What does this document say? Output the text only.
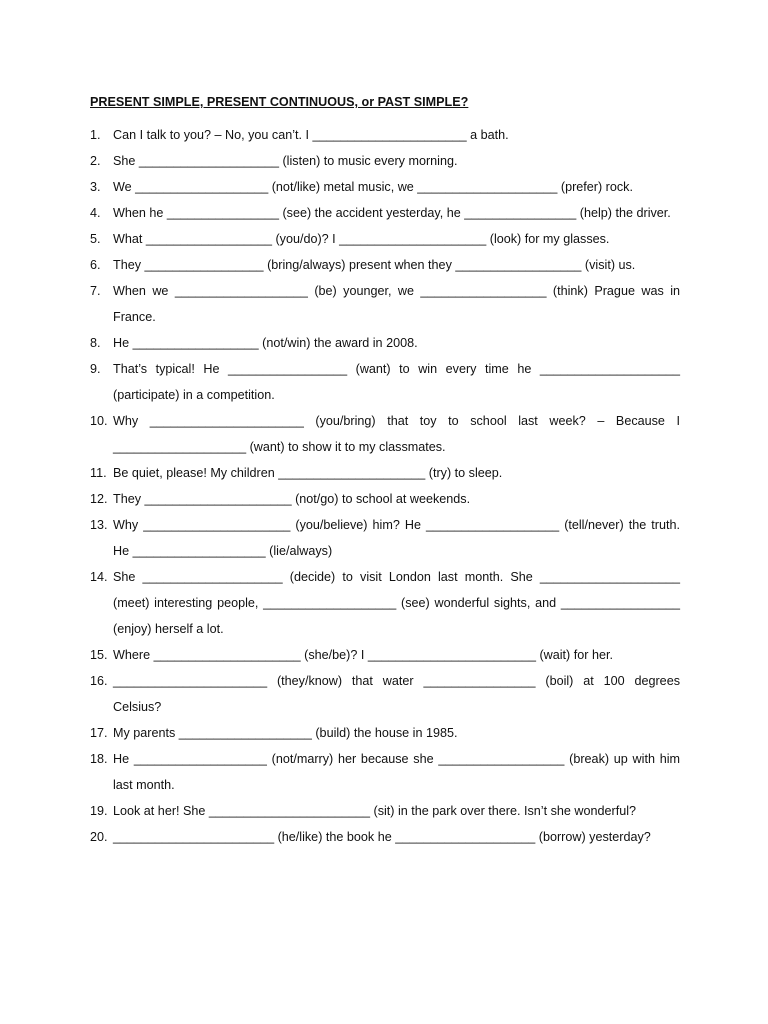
PRESENT SIMPLE, PRESENT CONTINUOUS, or PAST SIMPLE?
1. Can I talk to you? – No, you can’t. I ______________________ a bath.
2. She ____________________ (listen) to music every morning.
3. We ___________________ (not/like) metal music, we ____________________ (prefer) rock.
4. When he ________________ (see) the accident yesterday, he ________________ (help) the driver.
5. What __________________ (you/do)? I _____________________ (look) for my glasses.
6. They _________________ (bring/always) present when they __________________ (visit) us.
7. When we ___________________ (be) younger, we __________________ (think) Prague was in France.
8. He __________________ (not/win) the award in 2008.
9. That’s typical! He _________________ (want) to win every time he ____________________ (participate) in a competition.
10. Why ______________________ (you/bring) that toy to school last week? – Because I ___________________ (want) to show it to my classmates.
11. Be quiet, please! My children _____________________ (try) to sleep.
12. They _____________________ (not/go) to school at weekends.
13. Why _____________________ (you/believe) him? He ___________________ (tell/never) the truth. He ___________________ (lie/always)
14. She ____________________ (decide) to visit London last month. She ____________________ (meet) interesting people, ___________________ (see) wonderful sights, and _________________ (enjoy) herself a lot.
15. Where _____________________ (she/be)? I ________________________ (wait) for her.
16. ______________________ (they/know) that water ________________ (boil) at 100 degrees Celsius?
17. My parents ___________________ (build) the house in 1985.
18. He ___________________ (not/marry) her because she __________________ (break) up with him last month.
19. Look at her! She _______________________ (sit) in the park over there. Isn’t she wonderful?
20. _______________________ (he/like) the book he ____________________ (borrow) yesterday?
